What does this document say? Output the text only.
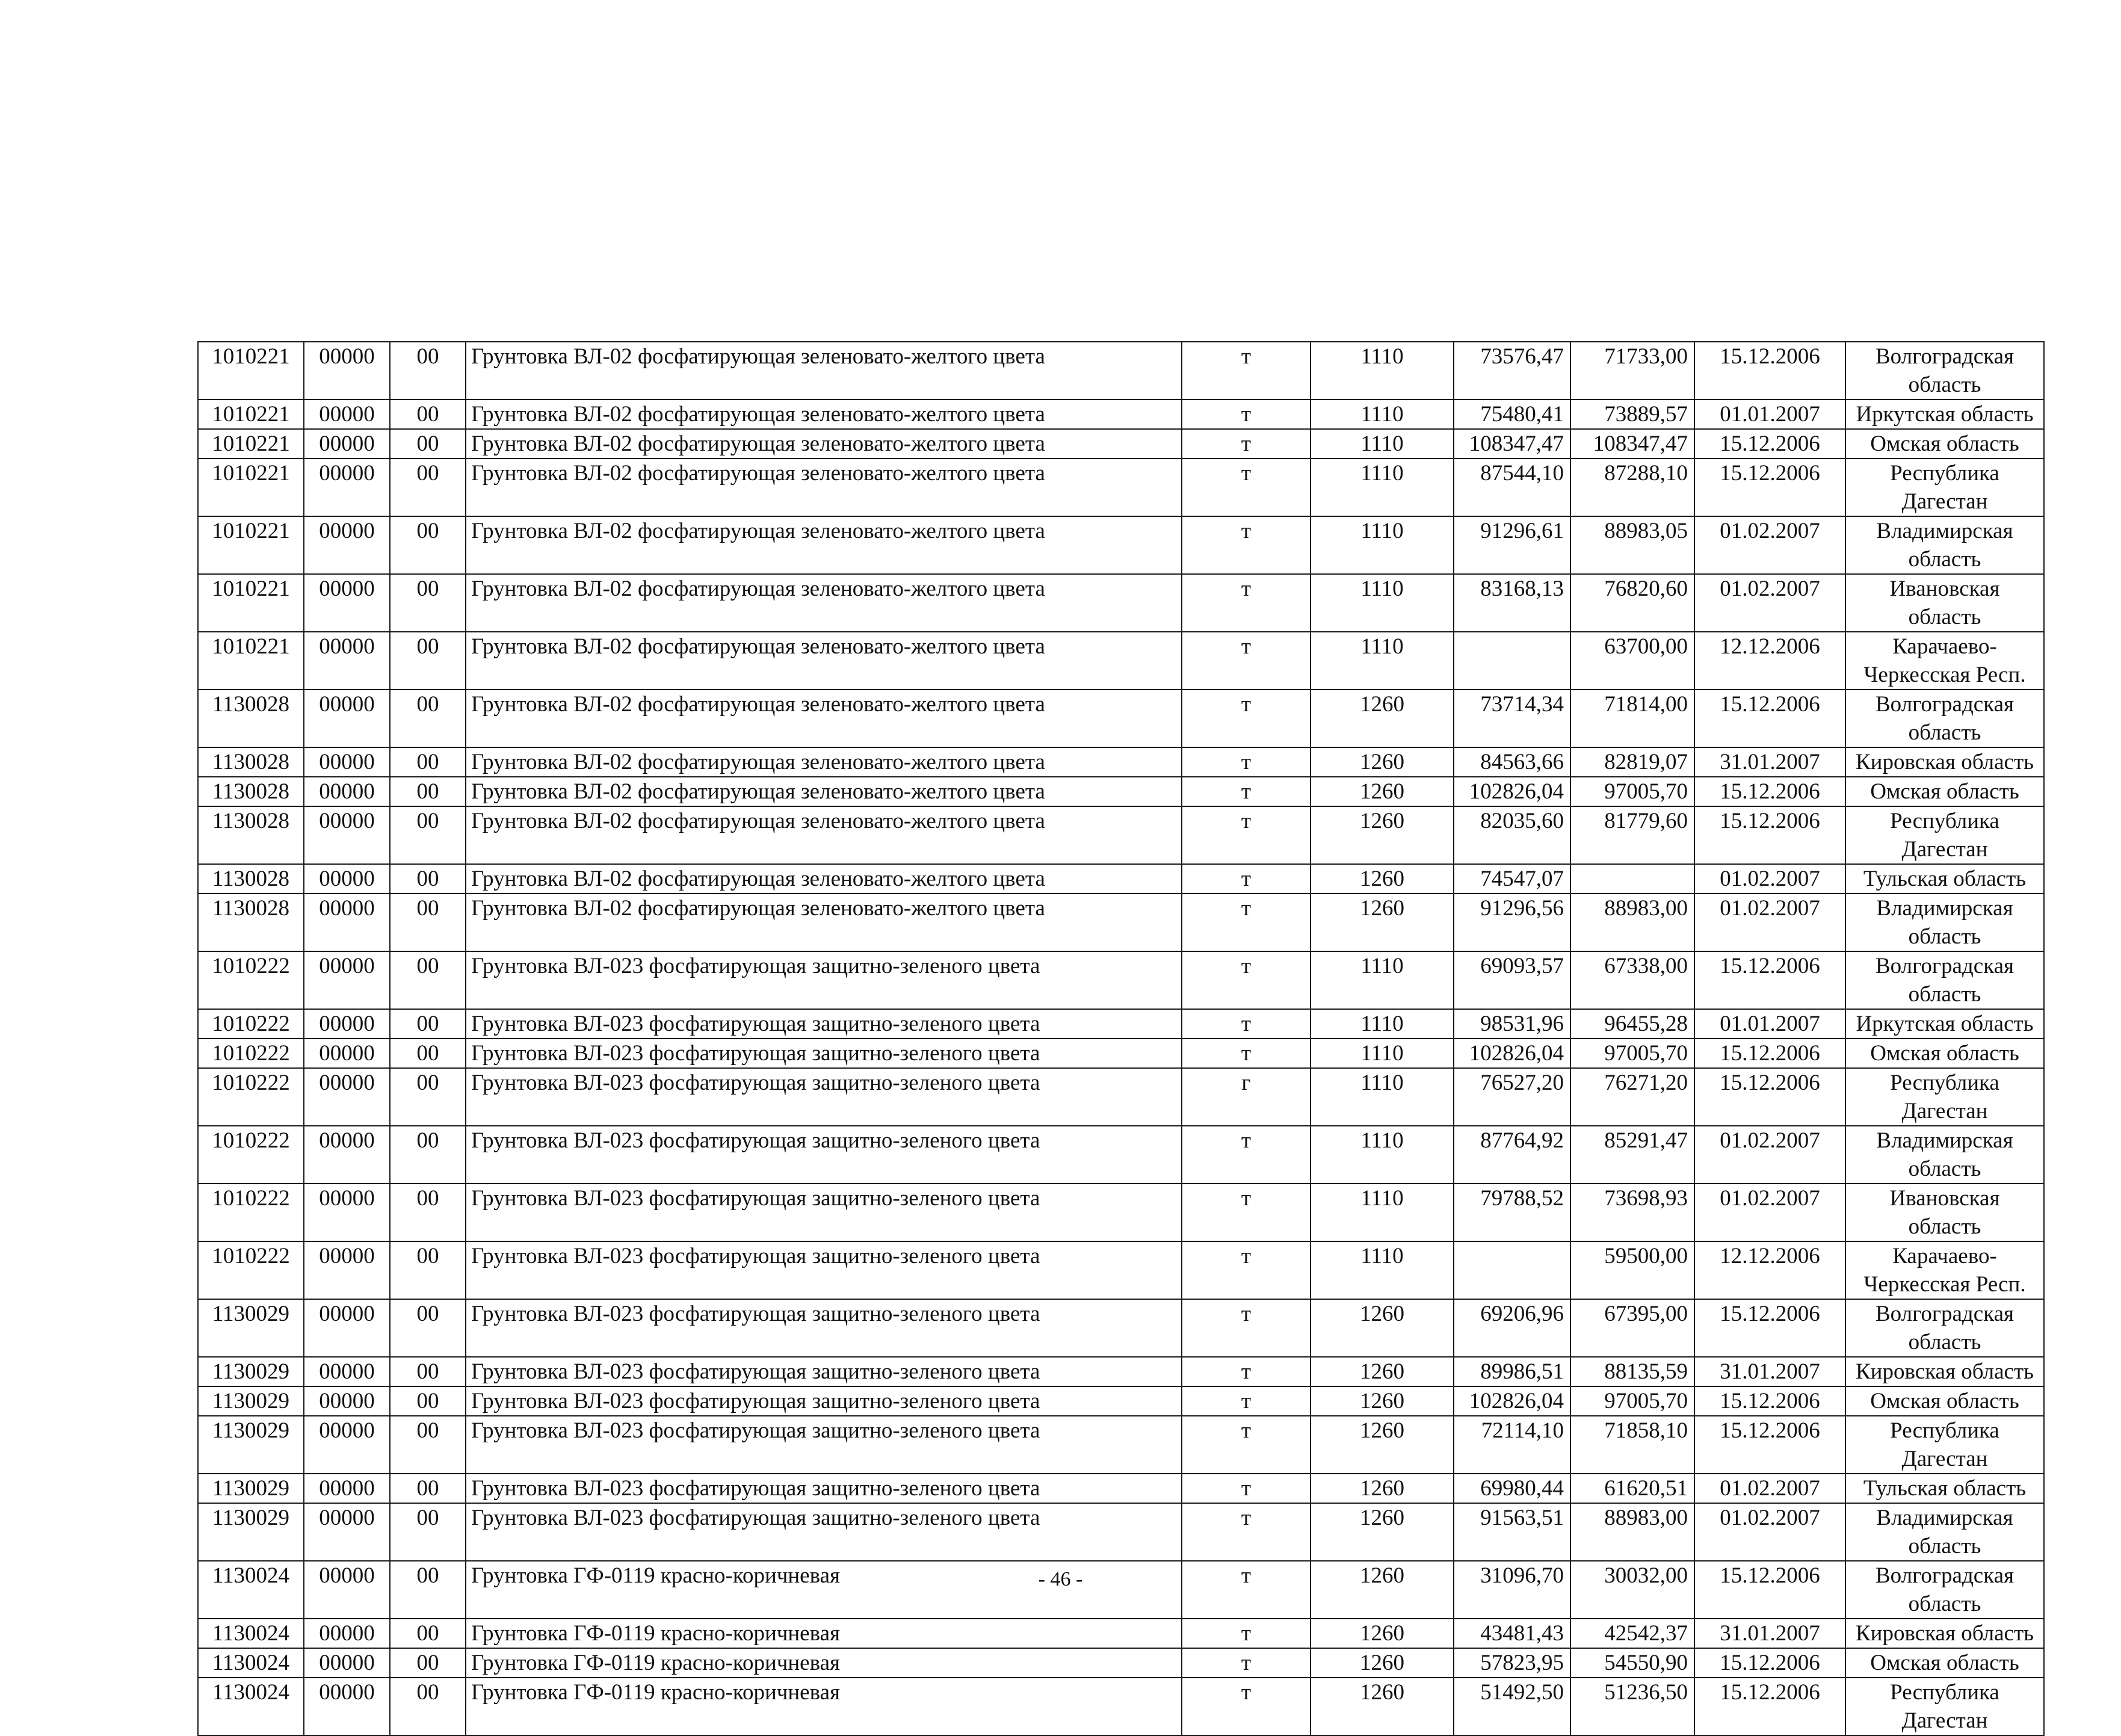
1010221	00000	00	Грунтовка ВЛ-02 фосфатирующая зеленовато-желтого цвета	т	1110	73576,47	71733,00	15.12.2006	Волгоградская область
1010221	00000	00	Грунтовка ВЛ-02 фосфатирующая зеленовато-желтого цвета	т	1110	75480,41	73889,57	01.01.2007	Иркутская область
1010221	00000	00	Грунтовка ВЛ-02 фосфатирующая зеленовато-желтого цвета	т	1110	108347,47	108347,47	15.12.2006	Омская область
1010221	00000	00	Грунтовка ВЛ-02 фосфатирующая зеленовато-желтого цвета	т	1110	87544,10	87288,10	15.12.2006	Республика Дагестан
1010221	00000	00	Грунтовка ВЛ-02 фосфатирующая зеленовато-желтого цвета	т	1110	91296,61	88983,05	01.02.2007	Владимирская область
1010221	00000	00	Грунтовка ВЛ-02 фосфатирующая зеленовато-желтого цвета	т	1110	83168,13	76820,60	01.02.2007	Ивановская область
1010221	00000	00	Грунтовка ВЛ-02 фосфатирующая зеленовато-желтого цвета	т	1110		63700,00	12.12.2006	Карачаево-Черкесская Респ.
1130028	00000	00	Грунтовка ВЛ-02 фосфатирующая зеленовато-желтого цвета	т	1260	73714,34	71814,00	15.12.2006	Волгоградская область
1130028	00000	00	Грунтовка ВЛ-02 фосфатирующая зеленовато-желтого цвета	т	1260	84563,66	82819,07	31.01.2007	Кировская область
1130028	00000	00	Грунтовка ВЛ-02 фосфатирующая зеленовато-желтого цвета	т	1260	102826,04	97005,70	15.12.2006	Омская область
1130028	00000	00	Грунтовка ВЛ-02 фосфатирующая зеленовато-желтого цвета	т	1260	82035,60	81779,60	15.12.2006	Республика Дагестан
1130028	00000	00	Грунтовка ВЛ-02 фосфатирующая зеленовато-желтого цвета	т	1260	74547,07		01.02.2007	Тульская область
1130028	00000	00	Грунтовка ВЛ-02 фосфатирующая зеленовато-желтого цвета	т	1260	91296,56	88983,00	01.02.2007	Владимирская область
1010222	00000	00	Грунтовка ВЛ-023 фосфатирующая защитно-зеленого цвета	т	1110	69093,57	67338,00	15.12.2006	Волгоградская область
1010222	00000	00	Грунтовка ВЛ-023 фосфатирующая защитно-зеленого цвета	т	1110	98531,96	96455,28	01.01.2007	Иркутская область
1010222	00000	00	Грунтовка ВЛ-023 фосфатирующая защитно-зеленого цвета	т	1110	102826,04	97005,70	15.12.2006	Омская область
1010222	00000	00	Грунтовка ВЛ-023 фосфатирующая защитно-зеленого цвета	г	1110	76527,20	76271,20	15.12.2006	Республика Дагестан
1010222	00000	00	Грунтовка ВЛ-023 фосфатирующая защитно-зеленого цвета	т	1110	87764,92	85291,47	01.02.2007	Владимирская область
1010222	00000	00	Грунтовка ВЛ-023 фосфатирующая защитно-зеленого цвета	т	1110	79788,52	73698,93	01.02.2007	Ивановская область
1010222	00000	00	Грунтовка ВЛ-023 фосфатирующая защитно-зеленого цвета	т	1110		59500,00	12.12.2006	Карачаево-Черкесская Респ.
1130029	00000	00	Грунтовка ВЛ-023 фосфатирующая защитно-зеленого цвета	т	1260	69206,96	67395,00	15.12.2006	Волгоградская область
1130029	00000	00	Грунтовка ВЛ-023 фосфатирующая защитно-зеленого цвета	т	1260	89986,51	88135,59	31.01.2007	Кировская область
1130029	00000	00	Грунтовка ВЛ-023 фосфатирующая защитно-зеленого цвета	т	1260	102826,04	97005,70	15.12.2006	Омская область
1130029	00000	00	Грунтовка ВЛ-023 фосфатирующая защитно-зеленого цвета	т	1260	72114,10	71858,10	15.12.2006	Республика Дагестан
1130029	00000	00	Грунтовка ВЛ-023 фосфатирующая защитно-зеленого цвета	т	1260	69980,44	61620,51	01.02.2007	Тульская область
1130029	00000	00	Грунтовка ВЛ-023 фосфатирующая защитно-зеленого цвета	т	1260	91563,51	88983,00	01.02.2007	Владимирская область
1130024	00000	00	Грунтовка ГФ-0119 красно-коричневая	т	1260	31096,70	30032,00	15.12.2006	Волгоградская область
1130024	00000	00	Грунтовка ГФ-0119 красно-коричневая	т	1260	43481,43	42542,37	31.01.2007	Кировская область
1130024	00000	00	Грунтовка ГФ-0119 красно-коричневая	т	1260	57823,95	54550,90	15.12.2006	Омская область
1130024	00000	00	Грунтовка ГФ-0119 красно-коричневая	т	1260	51492,50	51236,50	15.12.2006	Республика Дагестан
- 46 -
